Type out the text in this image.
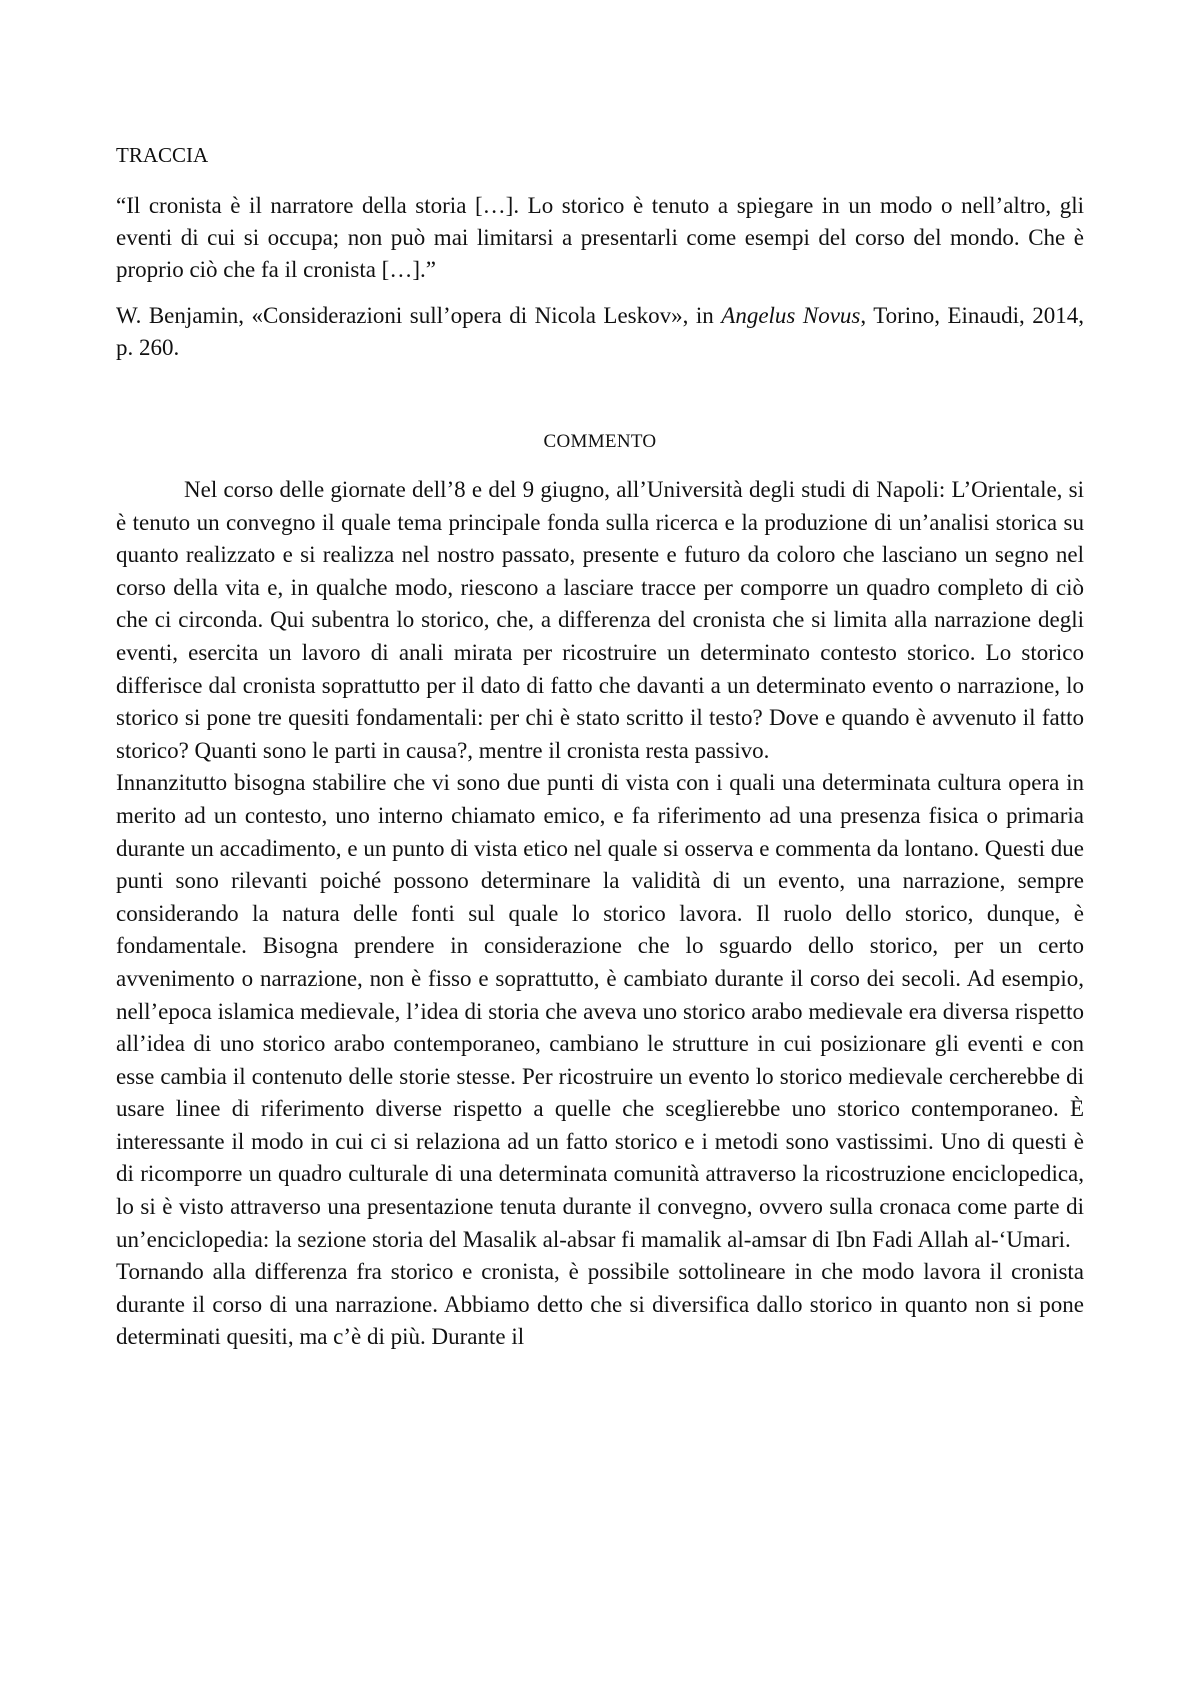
TRACCIA

“Il cronista è il narratore della storia […]. Lo storico è tenuto a spiegare in un modo o nell’altro, gli eventi di cui si occupa; non può mai limitarsi a presentarli come esempi del corso del mondo. Che è proprio ciò che fa il cronista […].”

W. Benjamin, «Considerazioni sull’opera di Nicola Leskov», in Angelus Novus, Torino, Einaudi, 2014, p. 260.

COMMENTO

Nel corso delle giornate dell’8 e del 9 giugno, all’Università degli studi di Napoli: L’Orientale, si è tenuto un convegno il quale tema principale fonda sulla ricerca e la produzione di un’analisi storica su quanto realizzato e si realizza nel nostro passato, presente e futuro da coloro che lasciano un segno nel corso della vita e, in qualche modo, riescono a lasciare tracce per comporre un quadro completo di ciò che ci circonda. Qui subentra lo storico, che, a differenza del cronista che si limita alla narrazione degli eventi, esercita un lavoro di anali mirata per ricostruire un determinato contesto storico. Lo storico differisce dal cronista soprattutto per il dato di fatto che davanti a un determinato evento o narrazione, lo storico si pone tre quesiti fondamentali: per chi è stato scritto il testo? Dove e quando è avvenuto il fatto storico? Quanti sono le parti in causa?, mentre il cronista resta passivo.

Innanzitutto bisogna stabilire che vi sono due punti di vista con i quali una determinata cultura opera in merito ad un contesto, uno interno chiamato emico, e fa riferimento ad una presenza fisica o primaria durante un accadimento, e un punto di vista etico nel quale si osserva e commenta da lontano. Questi due punti sono rilevanti poiché possono determinare la validità di un evento, una narrazione, sempre considerando la natura delle fonti sul quale lo storico lavora. Il ruolo dello storico, dunque, è fondamentale. Bisogna prendere in considerazione che lo sguardo dello storico, per un certo avvenimento o narrazione, non è fisso e soprattutto, è cambiato durante il corso dei secoli. Ad esempio, nell’epoca islamica medievale, l’idea di storia che aveva uno storico arabo medievale era diversa rispetto all’idea di uno storico arabo contemporaneo, cambiano le strutture in cui posizionare gli eventi e con esse cambia il contenuto delle storie stesse. Per ricostruire un evento lo storico medievale cercherebbe di usare linee di riferimento diverse rispetto a quelle che sceglierebbe uno storico contemporaneo. È interessante il modo in cui ci si relaziona ad un fatto storico e i metodi sono vastissimi. Uno di questi è di ricomporre un quadro culturale di una determinata comunità attraverso la ricostruzione enciclopedica, lo si è visto attraverso una presentazione tenuta durante il convegno, ovvero sulla cronaca come parte di un’enciclopedia: la sezione storia del Masalik al-absar fi mamalik al-amsar di Ibn Fadi Allah al-‘Umari.

Tornando alla differenza fra storico e cronista, è possibile sottolineare in che modo lavora il cronista durante il corso di una narrazione. Abbiamo detto che si diversifica dallo storico in quanto non si pone determinati quesiti, ma c’è di più. Durante il
